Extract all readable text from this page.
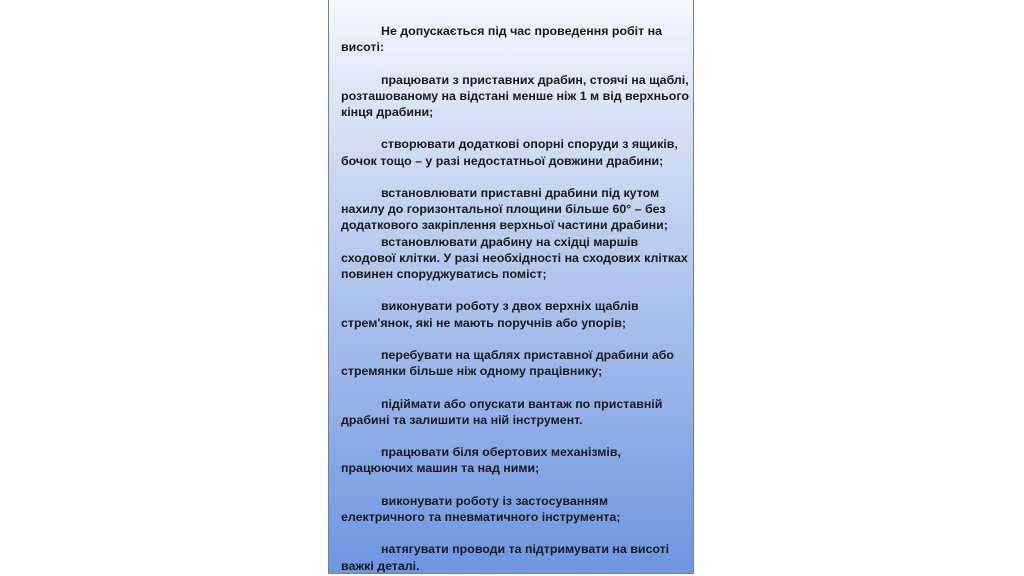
Не допускається під час проведення робіт на висоті:

працювати з приставних драбин, стоячі на щаблі, розташованому на відстані менше ніж 1 м від верхнього кінця драбини;

створювати додаткові опорні споруди з ящиків, бочок тощо – у разі недостатньої довжини драбини;

встановлювати приставні драбини під кутом нахилу до горизонтальної площини більше 60° – без додаткового закріплення верхньої частини драбини;

встановлювати драбину на східці маршів сходової клітки. У разі необхідності на сходових клітках повинен споруджуватись поміст;

виконувати роботу з двох верхніх щаблів стрем'янок, які не мають поручнів або упорів;

перебувати на щаблях приставної драбини або стремянки більше ніж одному працівнику;

підіймати або опускати вантаж по приставній драбині та залишити на ній інструмент.

працювати біля обертових механізмів, працюючих машин та над ними;

виконувати роботу із застосуванням електричного та пневматичного інструмента;

натягувати проводи та підтримувати на висоті важкі деталі.
